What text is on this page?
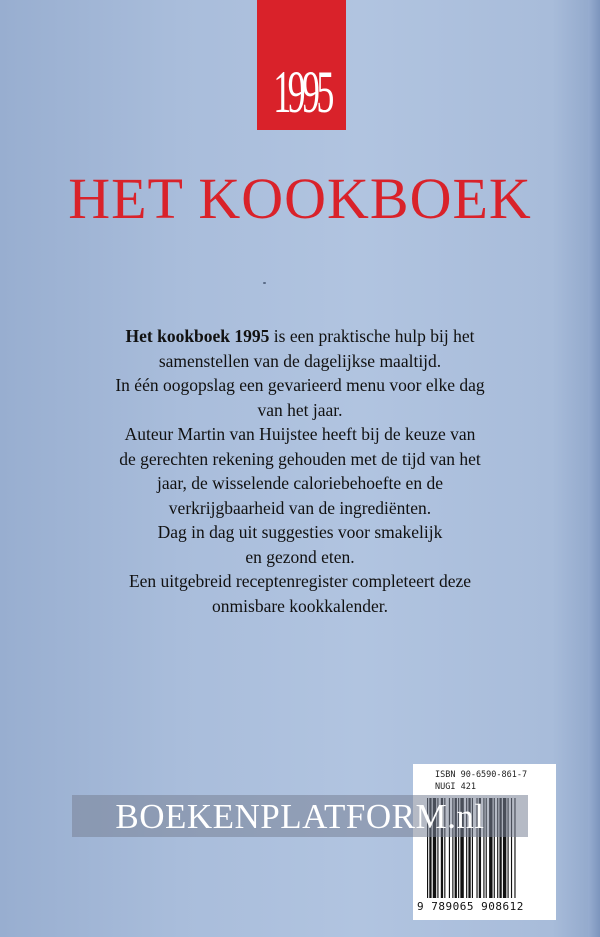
1995
HET KOOKBOEK

Het kookboek 1995 is een praktische hulp bij het

samenstellen van de dagelijkse maaltijd.

In één oogopslag een gevarieerd menu voor elke dag

van het jaar.

Auteur Martin van Huijstee heeft bij de keuze van

de gerechten rekening gehouden met de tijd van het

jaar, de wisselende caloriebehoefte en de

verkrijgbaarheid van de ingrediënten.

Dag in dag uit suggesties voor smakelijk

en gezond eten.

Een uitgebreid receptenregister completeert deze

onmisbare kookkalender.

ISBN 90-6590-861-7
NUGI 421
9 789065 908612
BOEKENPLATFORM.nl
